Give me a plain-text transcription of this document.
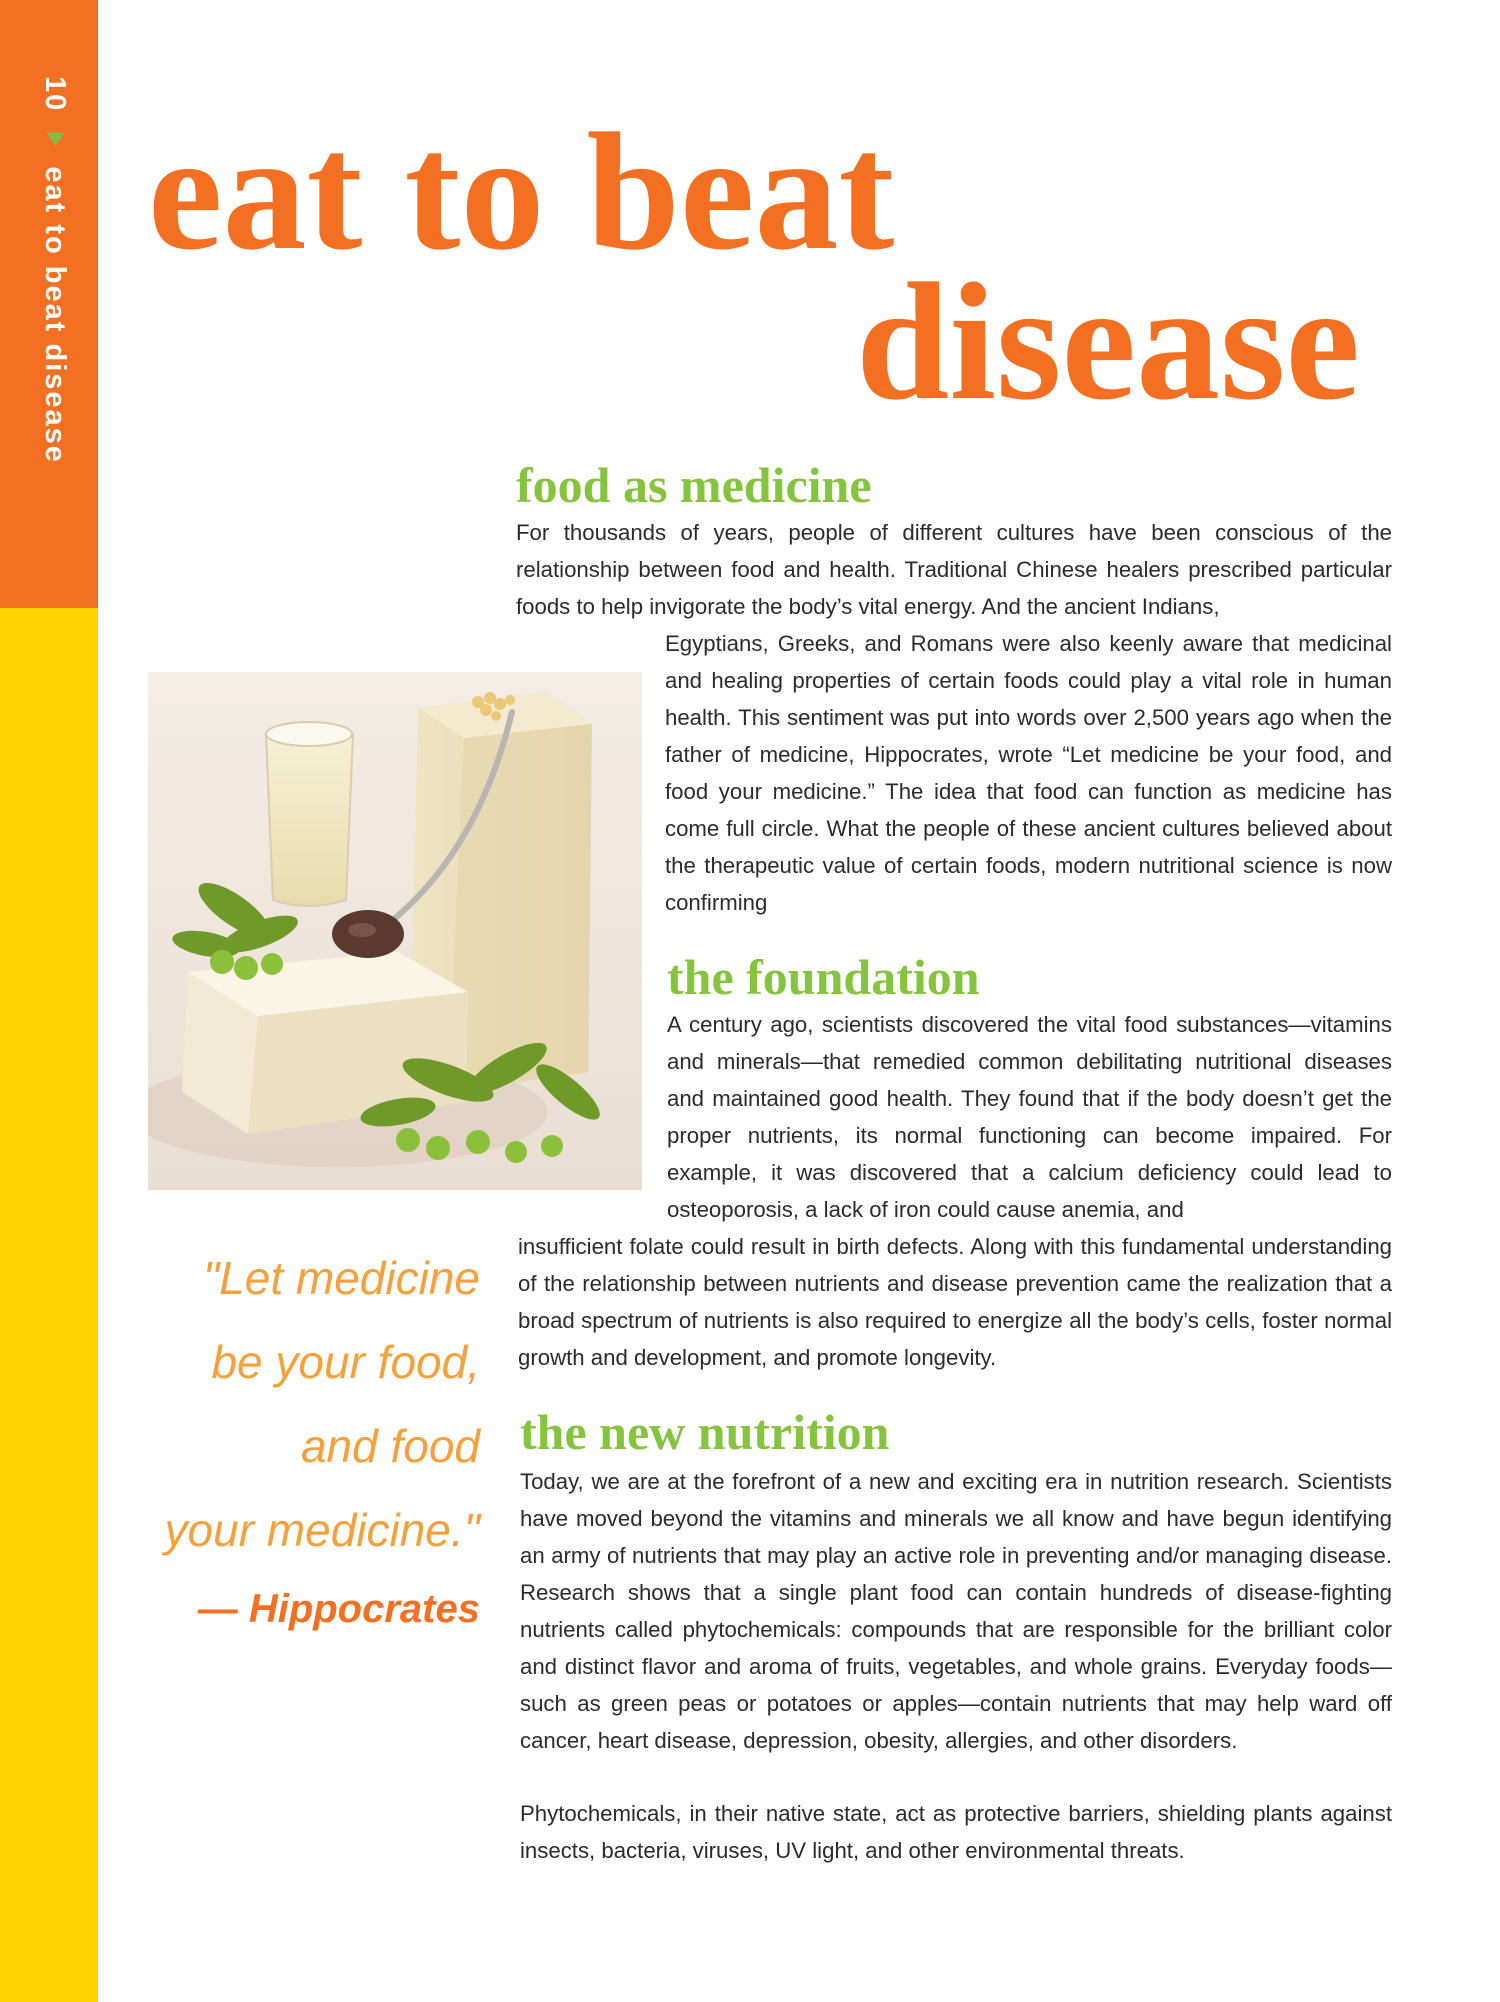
10  eat to beat disease eat to beat
disease
food as medicine

For thousands of years, people of different cultures have been conscious of the relationship between food and health. Traditional Chinese healers prescribed particular foods to help invigorate the body’s vital energy. And the ancient Indians,

Egyptians, Greeks, and Romans were also keenly aware that medicinal and healing properties of certain foods could play a vital role in human health. This sentiment was put into words over 2,500 years ago when the father of medicine, Hippocrates, wrote “Let medicine be your food, and food your medicine.” The idea that food can function as medicine has come full circle. What the people of these ancient cultures believed about the therapeutic value of certain foods, modern nutritional science is now confirming

the foundation

A century ago, scientists discovered the vital food substances—vitamins and minerals—that remedied common debilitating nutritional diseases and maintained good health. They found that if the body doesn’t get the proper nutrients, its normal functioning can become impaired. For example, it was discovered that a calcium deficiency could lead to osteoporosis, a lack of iron could cause anemia, and

insufficient folate could result in birth defects. Along with this fundamental understanding of the relationship between nutrients and disease prevention came the realization that a broad spectrum of nutrients is also required to energize all the body’s cells, foster normal growth and development, and promote longevity.

"Let medicine
be your food,
and food
your medicine."
— Hippocrates
the new nutrition

Today, we are at the forefront of a new and exciting era in nutrition research. Scientists have moved beyond the vitamins and minerals we all know and have begun identifying an army of nutrients that may play an active role in preventing and/or managing disease. Research shows that a single plant food can contain hundreds of disease-fighting nutrients called phytochemicals: compounds that are responsible for the brilliant color and distinct flavor and aroma of fruits, vegetables, and whole grains. Everyday foods—such as green peas or potatoes or apples—contain nutrients that may help ward off cancer, heart disease, depression, obesity, allergies, and other disorders.

Phytochemicals, in their native state, act as protective barriers, shielding plants against insects, bacteria, viruses, UV light, and other environmental threats.
